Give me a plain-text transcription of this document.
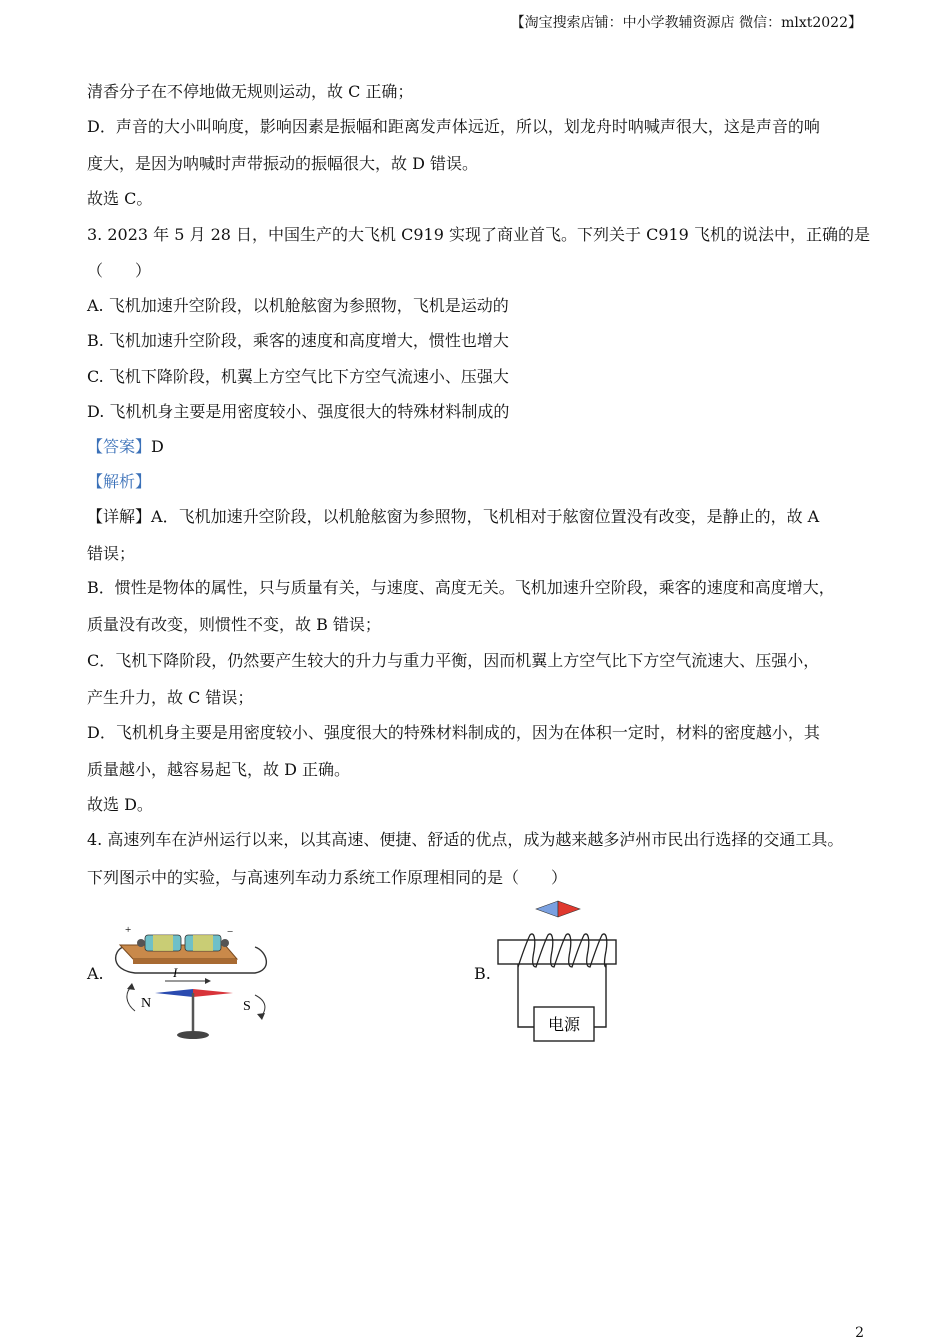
【淘宝搜索店铺：中小学教辅资源店 微信：mlxt2022】
清香分子在不停地做无规则运动，故 C 正确；
D．声音的大小叫响度，影响因素是振幅和距离发声体远近，所以，划龙舟时呐喊声很大，这是声音的响
度大，是因为呐喊时声带振动的振幅很大，故 D 错误。
故选 C。
3. 2023 年 5 月 28 日，中国生产的大飞机 C919 实现了商业首飞。下列关于 C919 飞机的说法中，正确的是
（　　）
A. 飞机加速升空阶段，以机舱舷窗为参照物，飞机是运动的
B. 飞机加速升空阶段，乘客的速度和高度增大，惯性也增大
C. 飞机下降阶段，机翼上方空气比下方空气流速小、压强大
D. 飞机机身主要是用密度较小、强度很大的特殊材料制成的
【答案】D
【解析】
【详解】A．飞机加速升空阶段，以机舱舷窗为参照物，飞机相对于舷窗位置没有改变，是静止的，故 A
错误；
B．惯性是物体的属性，只与质量有关，与速度、高度无关。飞机加速升空阶段，乘客的速度和高度增大，
质量没有改变，则惯性不变，故 B 错误；
C．飞机下降阶段，仍然要产生较大的升力与重力平衡，因而机翼上方空气比下方空气流速大、压强小，
产生升力，故 C 错误；
D．飞机机身主要是用密度较小、强度很大的特殊材料制成的，因为在体积一定时，材料的密度越小，其
质量越小，越容易起飞，故 D 正确。
故选 D。
4. 高速列车在泸州运行以来，以其高速、便捷、舒适的优点，成为越来越多泸州市民出行选择的交通工具。
下列图示中的实验，与高速列车动力系统工作原理相同的是（　　）
A.
+	−
I
N	S
B.
电源
2
